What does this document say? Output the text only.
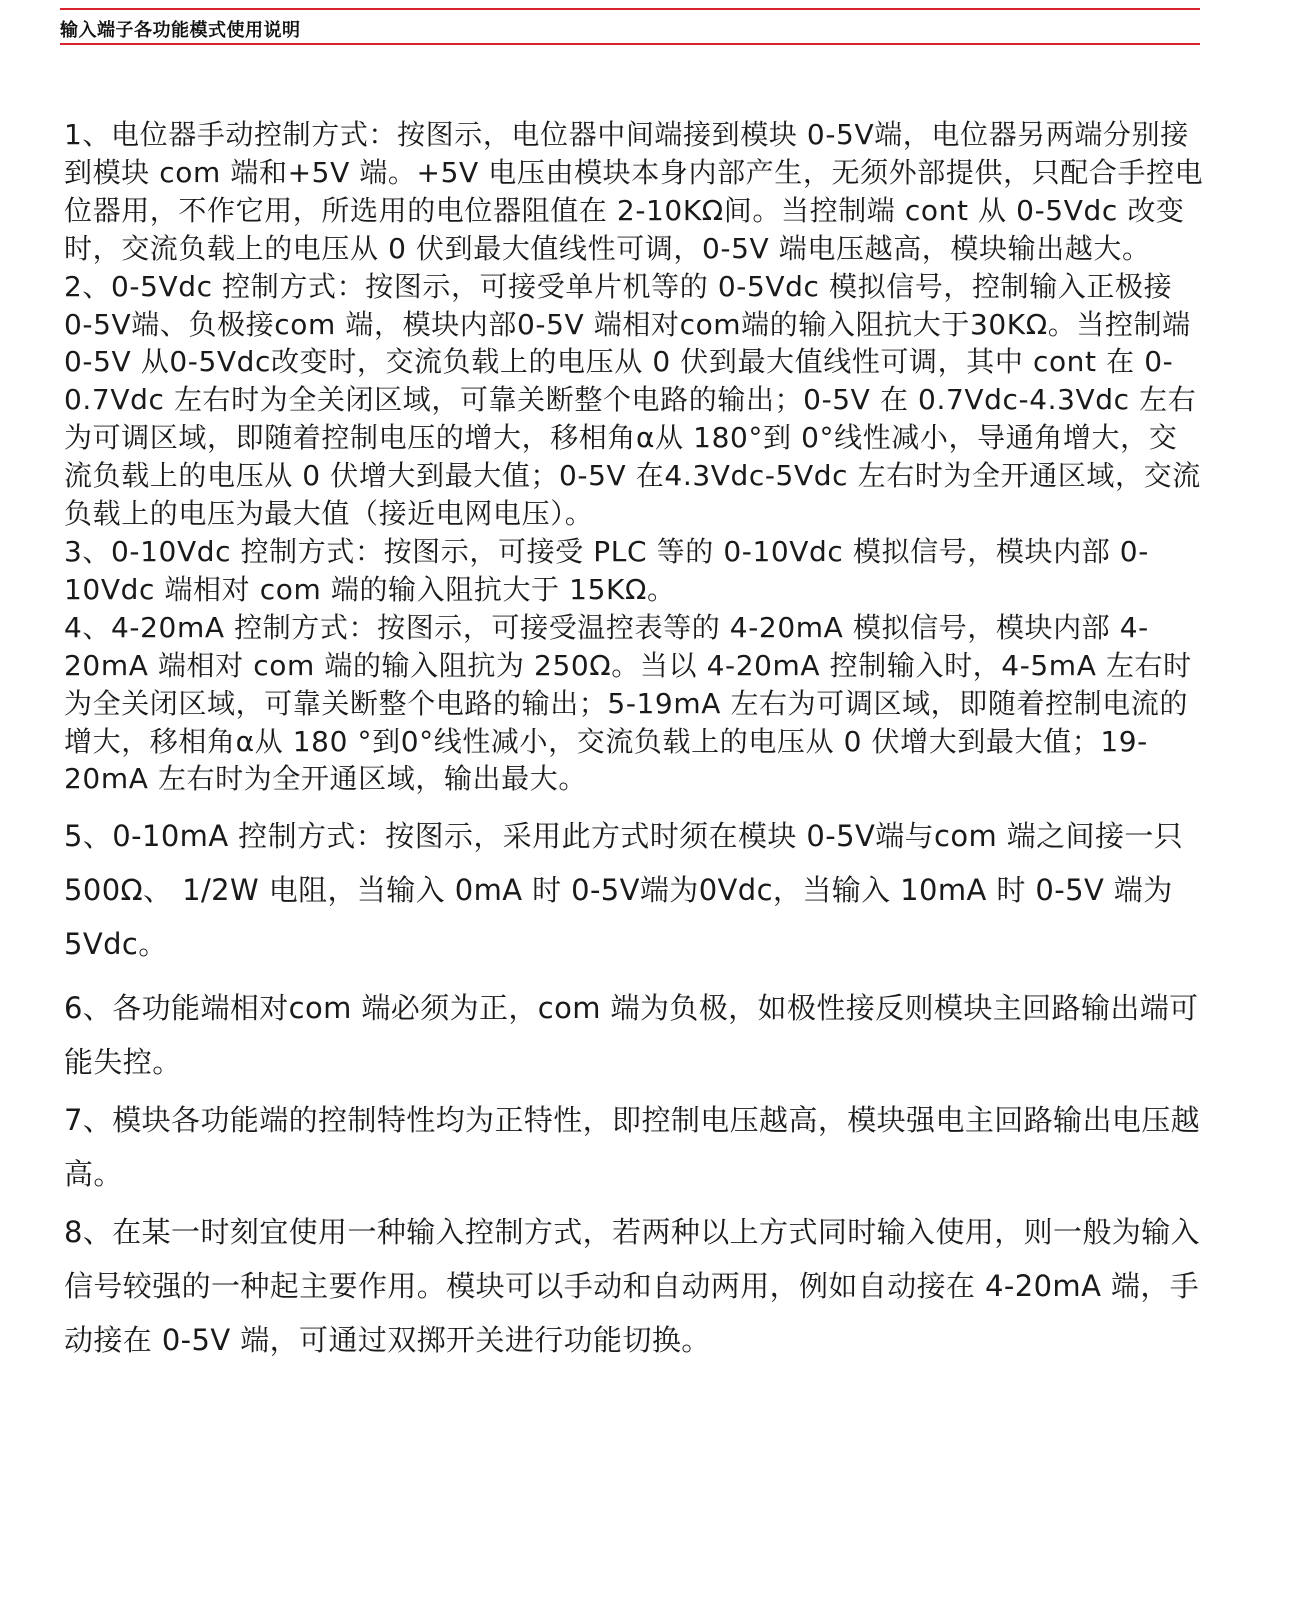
输入端子各功能模式使用说明

1、电位器手动控制方式：按图示，电位器中间端接到模块 0-5V端，电位器另两端分别接到模块 com 端和+5V 端。+5V 电压由模块本身内部产生，无须外部提供，只配合手控电位器用，不作它用，所选用的电位器阻值在 2-10KΩ间。当控制端 cont 从 0-5Vdc 改变时，交流负载上的电压从 0 伏到最大值线性可调，0-5V 端电压越高，模块输出越大。

2、0-5Vdc 控制方式：按图示，可接受单片机等的 0-5Vdc 模拟信号，控制输入正极接 0-5V端、负极接com 端，模块内部0-5V 端相对com端的输入阻抗大于30KΩ。当控制端0-5V 从0-5Vdc改变时，交流负载上的电压从 0 伏到最大值线性可调，其中 cont 在 0-0.7Vdc 左右时为全关闭区域，可靠关断整个电路的输出；0-5V 在 0.7Vdc-4.3Vdc 左右为可调区域，即随着控制电压的增大，移相角α从 180°到 0°线性减小，导通角增大，交流负载上的电压从 0 伏增大到最大值；0-5V 在4.3Vdc-5Vdc 左右时为全开通区域，交流负载上的电压为最大值（接近电网电压）。

3、0-10Vdc 控制方式：按图示，可接受 PLC 等的 0-10Vdc 模拟信号，模块内部 0-10Vdc 端相对 com 端的输入阻抗大于 15KΩ。

4、4-20mA 控制方式：按图示，可接受温控表等的 4-20mA 模拟信号，模块内部 4-20mA 端相对 com 端的输入阻抗为 250Ω。当以 4-20mA 控制输入时，4-5mA 左右时为全关闭区域，可靠关断整个电路的输出；5-19mA 左右为可调区域，即随着控制电流的增大，移相角α从 180 °到0°线性减小，交流负载上的电压从 0 伏增大到最大值；19-20mA 左右时为全开通区域，输出最大。

5、0-10mA 控制方式：按图示，采用此方式时须在模块 0-5V端与com 端之间接一只 500Ω、 1/2W 电阻，当输入 0mA 时 0-5V端为0Vdc，当输入 10mA 时 0-5V 端为 5Vdc。

6、各功能端相对com 端必须为正，com 端为负极，如极性接反则模块主回路输出端可能失控。

7、模块各功能端的控制特性均为正特性，即控制电压越高，模块强电主回路输出电压越高。

8、在某一时刻宜使用一种输入控制方式，若两种以上方式同时输入使用，则一般为输入信号较强的一种起主要作用。模块可以手动和自动两用，例如自动接在 4-20mA 端，手动接在 0-5V 端，可通过双掷开关进行功能切换。
